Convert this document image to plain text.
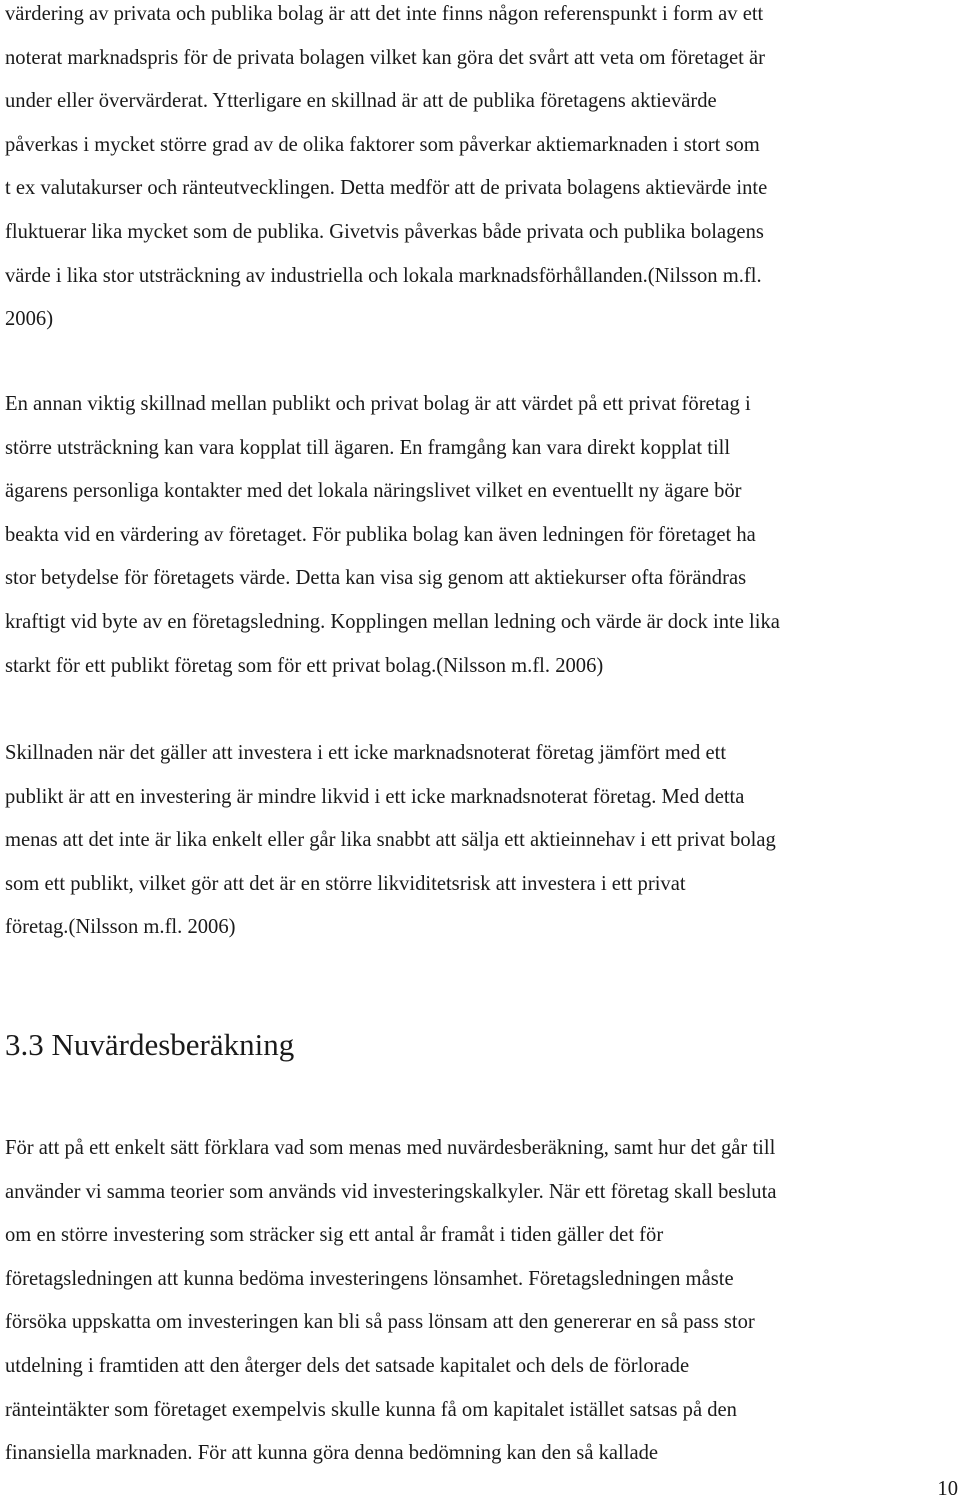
värdering av privata och publika bolag är att det inte finns någon referenspunkt i form av ett
noterat marknadspris för de privata bolagen vilket kan göra det svårt att veta om företaget är
under eller övervärderat. Ytterligare en skillnad är att de publika företagens aktievärde
påverkas i mycket större grad av de olika faktorer som påverkar aktiemarknaden i stort som
t ex valutakurser och ränteutvecklingen. Detta medför att de privata bolagens aktievärde inte
fluktuerar lika mycket som de publika. Givetvis påverkas både privata och publika bolagens
värde i lika stor utsträckning av industriella och lokala marknadsförhållanden.(Nilsson m.fl.
2006)

En annan viktig skillnad mellan publikt och privat bolag är att värdet på ett privat företag i
större utsträckning kan vara kopplat till ägaren. En framgång kan vara direkt kopplat till
ägarens personliga kontakter med det lokala näringslivet vilket en eventuellt ny ägare bör
beakta vid en värdering av företaget. För publika bolag kan även ledningen för företaget ha
stor betydelse för företagets värde. Detta kan visa sig genom att aktiekurser ofta förändras
kraftigt vid byte av en företagsledning. Kopplingen mellan ledning och värde är dock inte lika
starkt för ett publikt företag som för ett privat bolag.(Nilsson m.fl. 2006)

Skillnaden när det gäller att investera i ett icke marknadsnoterat företag jämfört med ett
publikt är att en investering är mindre likvid i ett icke marknadsnoterat företag. Med detta
menas att det inte är lika enkelt eller går lika snabbt att sälja ett aktieinnehav i ett privat bolag
som ett publikt, vilket gör att det är en större likviditetsrisk att investera i ett privat
företag.(Nilsson m.fl. 2006)

3.3 Nuvärdesberäkning

För att på ett enkelt sätt förklara vad som menas med nuvärdesberäkning, samt hur det går till
använder vi samma teorier som används vid investeringskalkyler. När ett företag skall besluta
om en större investering som sträcker sig ett antal år framåt i tiden gäller det för
företagsledningen att kunna bedöma investeringens lönsamhet. Företagsledningen måste
försöka uppskatta om investeringen kan bli så pass lönsam att den genererar en så pass stor
utdelning i framtiden att den återger dels det satsade kapitalet och dels de förlorade
ränteintäkter som företaget exempelvis skulle kunna få om kapitalet istället satsas på den
finansiella marknaden. För att kunna göra denna bedömning kan den så kallade

10
